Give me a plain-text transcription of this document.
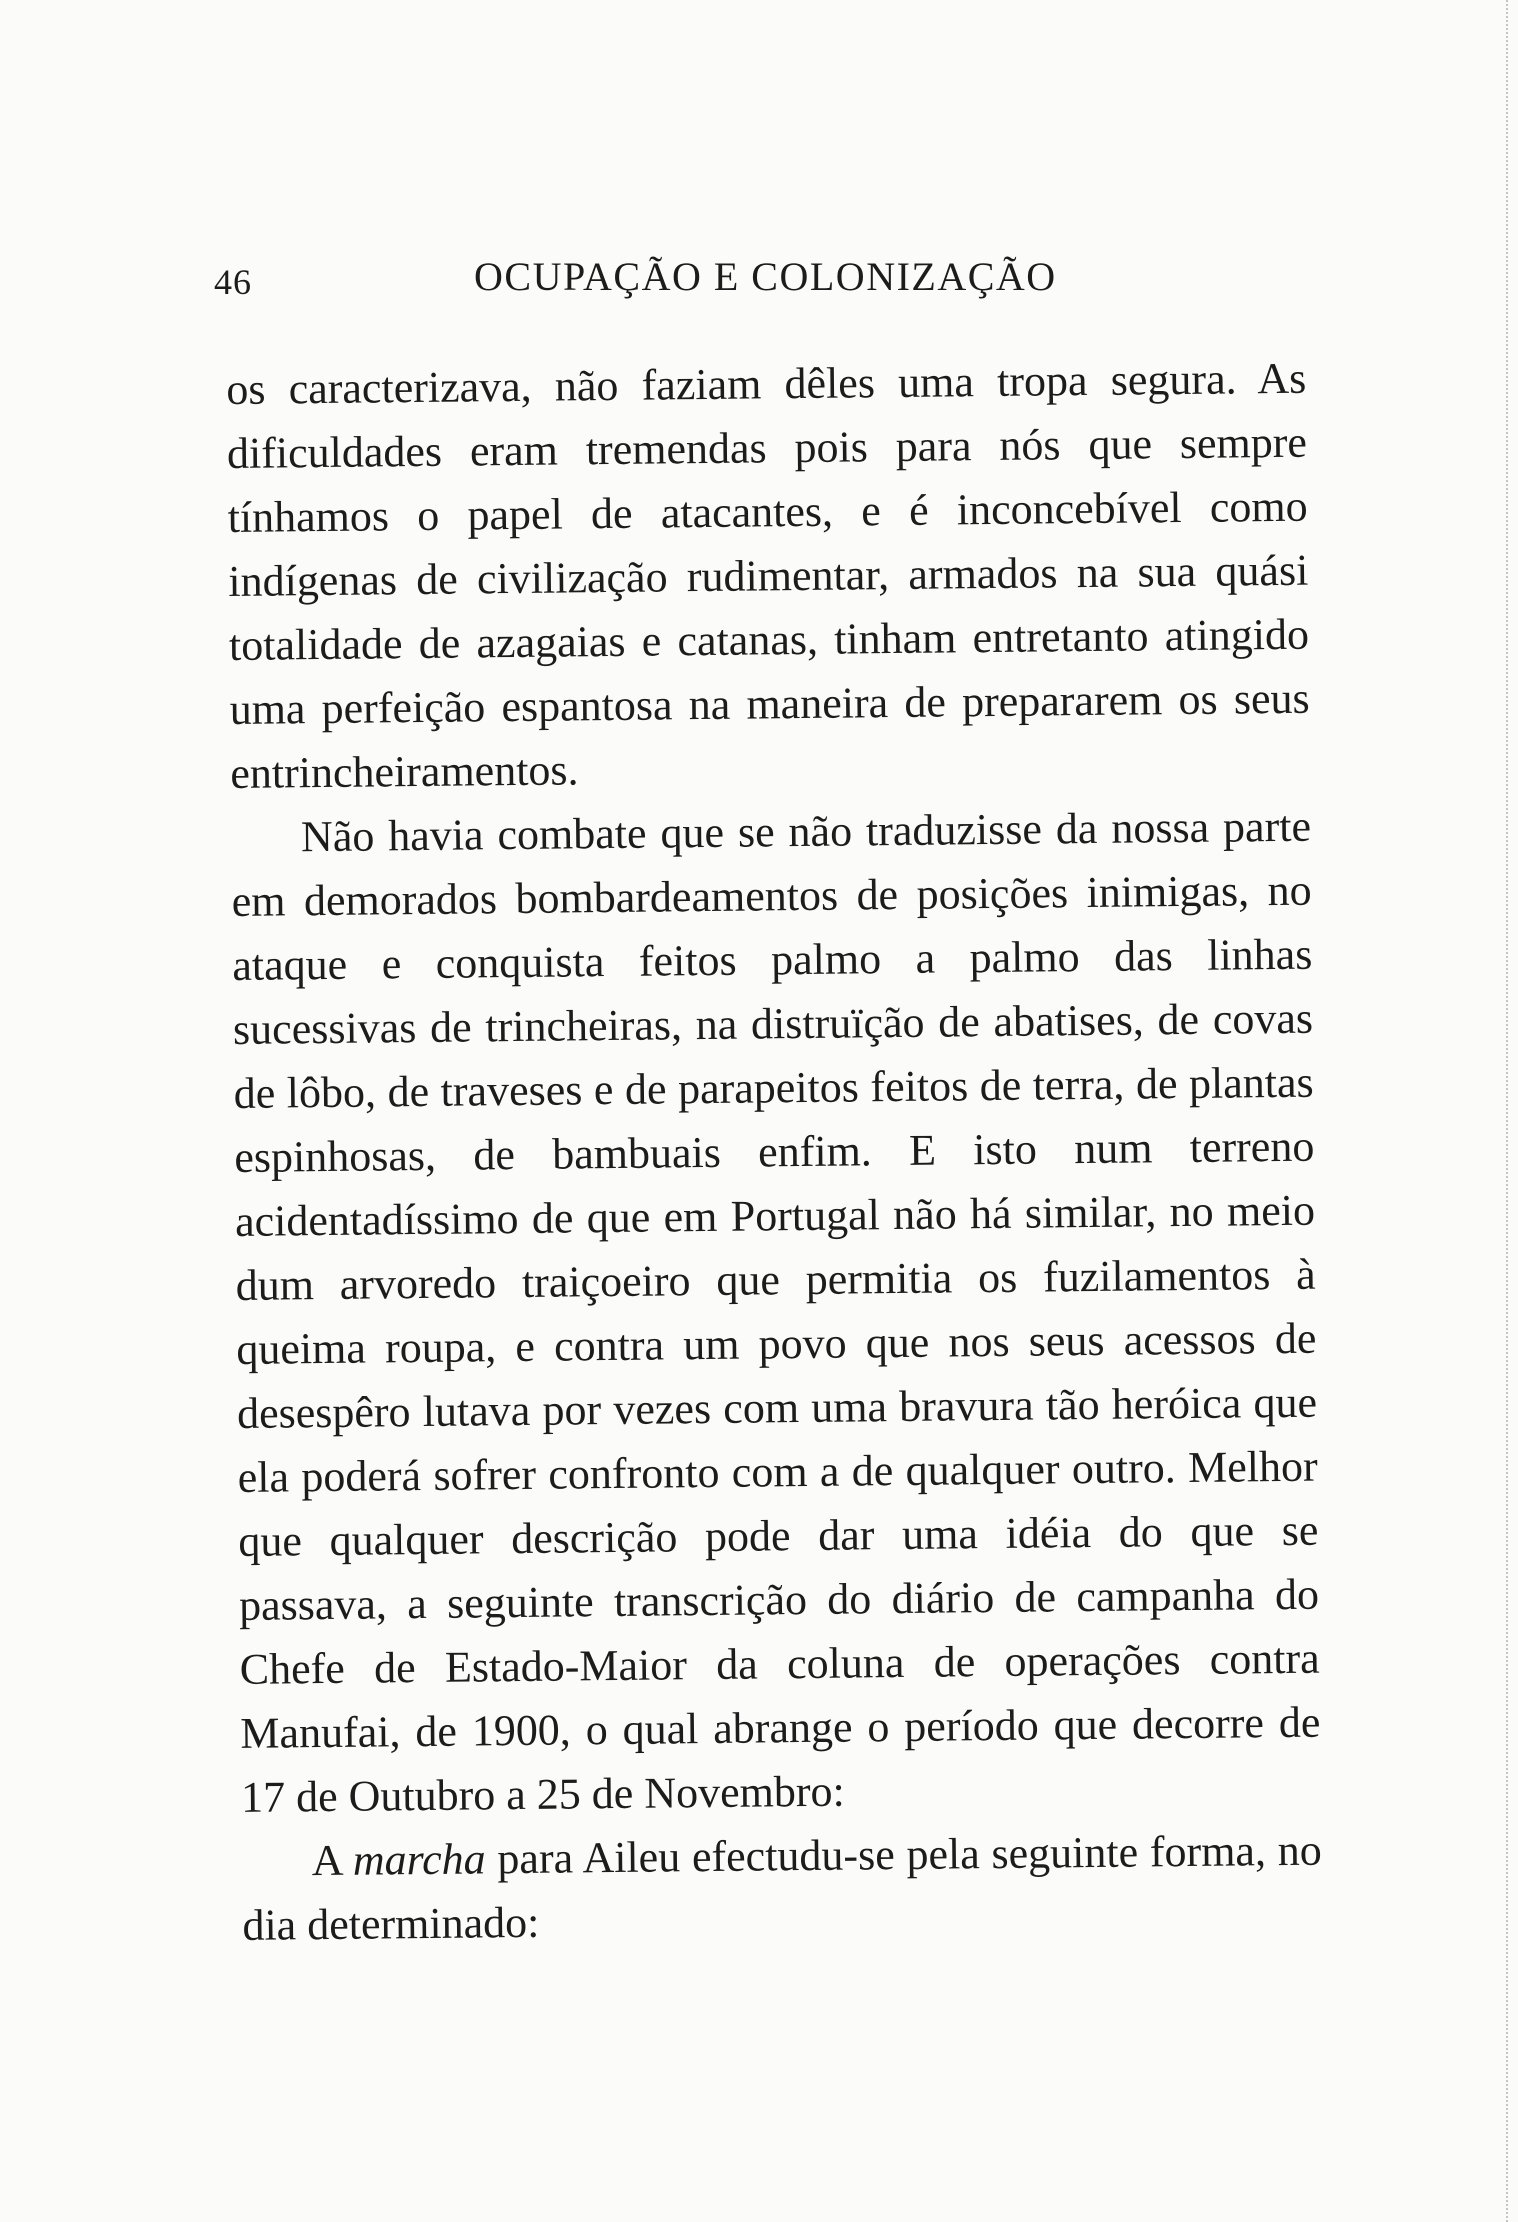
46	OCUPAÇÃO E COLONIZAÇÃO

os caracterizava, não faziam dêles uma tropa segura. As dificuldades eram tremendas pois para nós que sempre tínhamos o papel de atacantes, e é inconcebível como indígenas de civilização rudimentar, armados na sua quási totalidade de azagaias e catanas, tinham entretanto atingido uma perfeição espantosa na maneira de prepararem os seus entrincheiramentos.

Não havia combate que se não traduzisse da nossa parte em demorados bombardeamentos de posições inimigas, no ataque e conquista feitos palmo a palmo das linhas sucessivas de trincheiras, na distruïção de abatises, de covas de lôbo, de traveses e de parapeitos feitos de terra, de plantas espinhosas, de bambuais enfim. E isto num terreno acidentadíssimo de que em Portugal não há similar, no meio dum arvoredo traiçoeiro que permitia os fuzilamentos à queima roupa, e contra um povo que nos seus acessos de desespêro lutava por vezes com uma bravura tão heróica que ela poderá sofrer confronto com a de qualquer outro. Melhor que qualquer descrição pode dar uma idéia do que se passava, a seguinte transcrição do diário de campanha do Chefe de Estado-Maior da coluna de operações contra Manufai, de 1900, o qual abrange o período que decorre de 17 de Outubro a 25 de Novembro:

A marcha para Aileu efectudu-se pela seguinte forma, no dia determinado:
